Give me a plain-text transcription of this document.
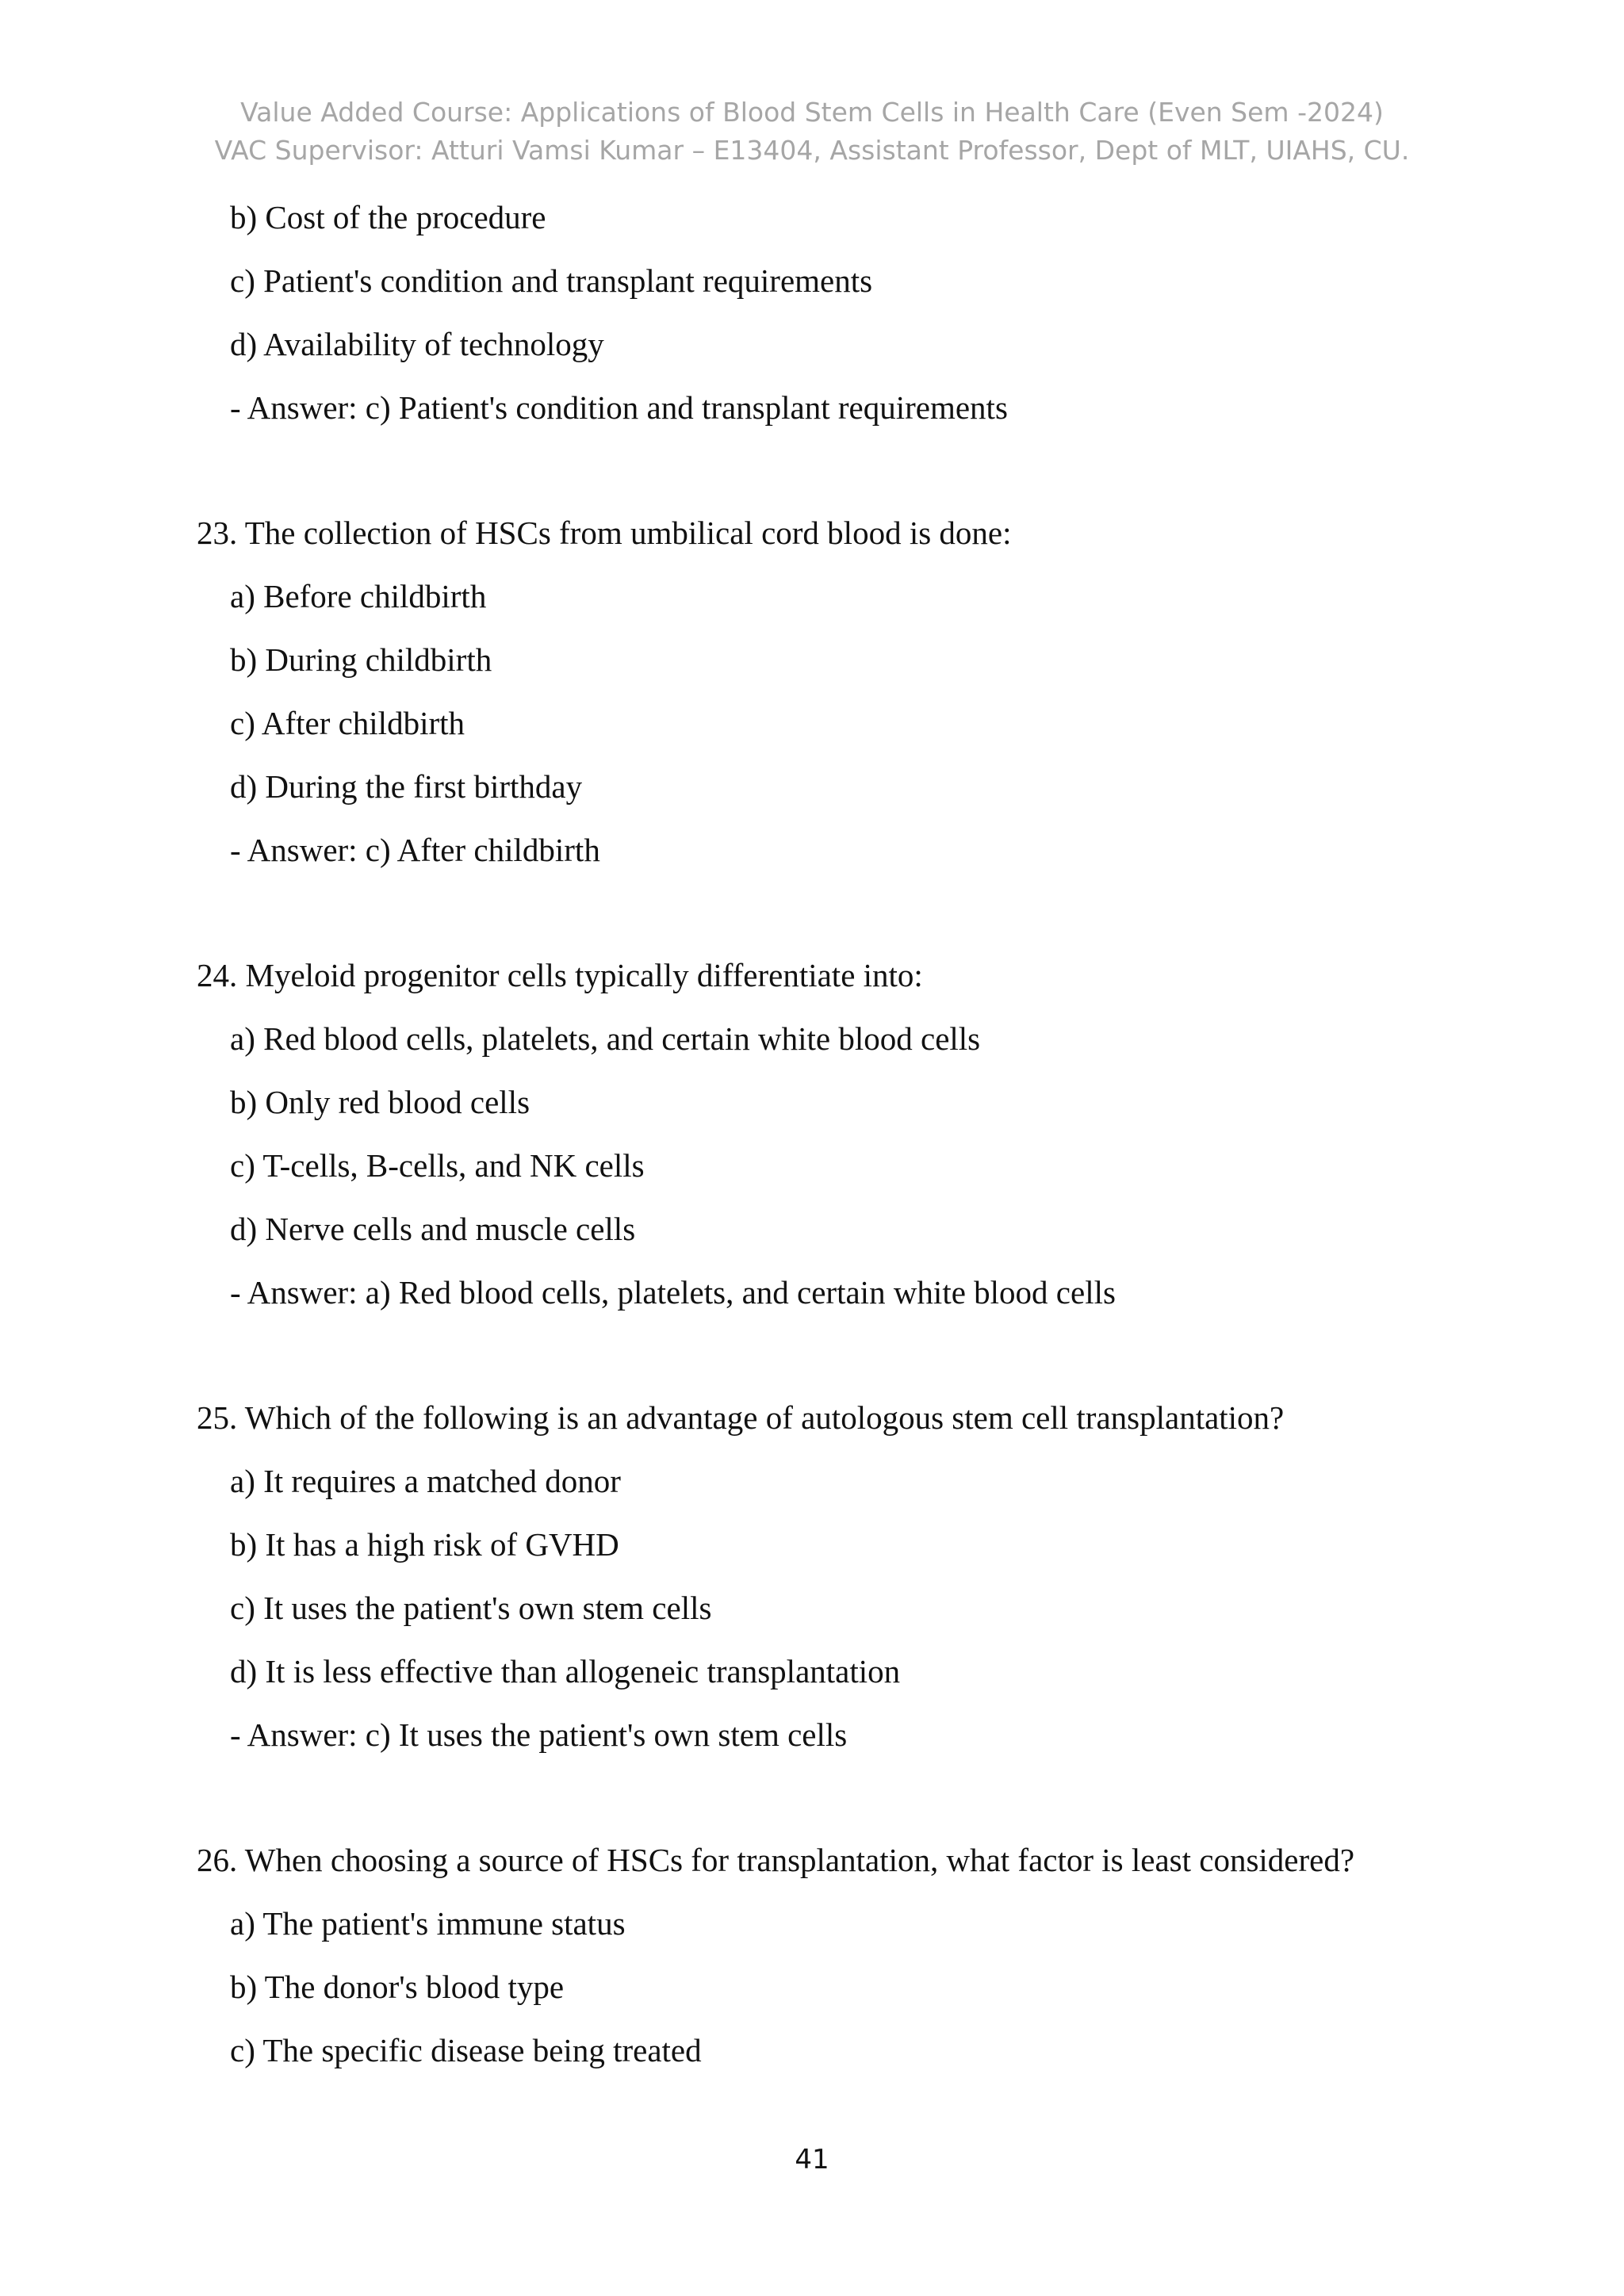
Value Added Course: Applications of Blood Stem Cells in Health Care (Even Sem -2024)
VAC Supervisor: Atturi Vamsi Kumar – E13404, Assistant Professor, Dept of MLT, UIAHS, CU.
b) Cost of the procedure
c) Patient's condition and transplant requirements
d) Availability of technology
- Answer: c) Patient's condition and transplant requirements
23. The collection of HSCs from umbilical cord blood is done:
a) Before childbirth
b) During childbirth
c) After childbirth
d) During the first birthday
- Answer: c) After childbirth
24. Myeloid progenitor cells typically differentiate into:
a) Red blood cells, platelets, and certain white blood cells
b) Only red blood cells
c) T-cells, B-cells, and NK cells
d) Nerve cells and muscle cells
- Answer: a) Red blood cells, platelets, and certain white blood cells
25. Which of the following is an advantage of autologous stem cell transplantation?
a) It requires a matched donor
b) It has a high risk of GVHD
c) It uses the patient's own stem cells
d) It is less effective than allogeneic transplantation
- Answer: c) It uses the patient's own stem cells
26. When choosing a source of HSCs for transplantation, what factor is least considered?
a) The patient's immune status
b) The donor's blood type
c) The specific disease being treated
41
